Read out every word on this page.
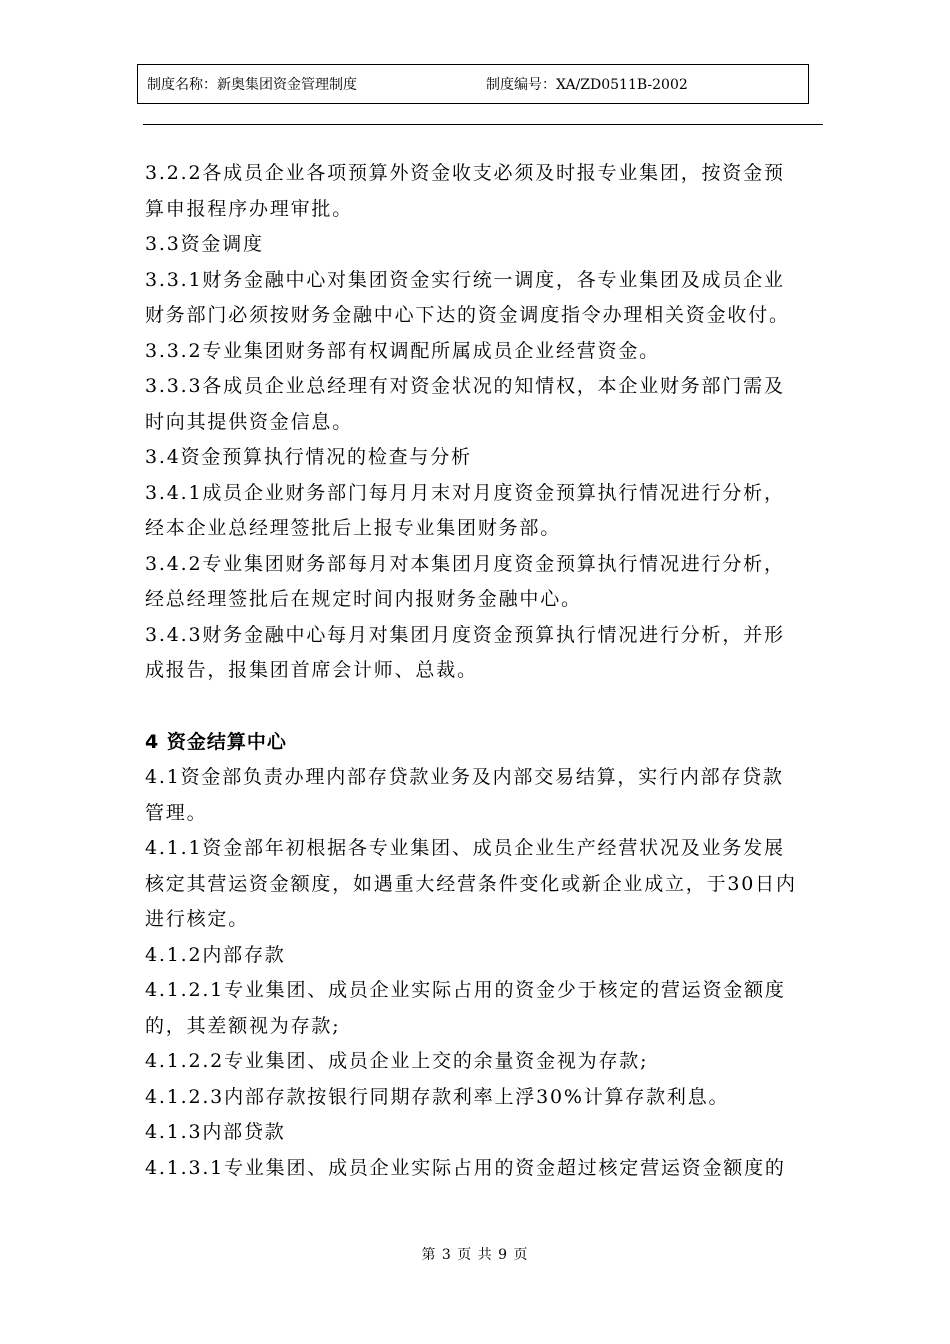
制度名称：新奥集团资金管理制度	制度编号：XA/ZD0511B-2002
3.2.2各成员企业各项预算外资金收支必须及时报专业集团，按资金预
算申报程序办理审批。
3.3资金调度
3.3.1财务金融中心对集团资金实行统一调度，各专业集团及成员企业
财务部门必须按财务金融中心下达的资金调度指令办理相关资金收付。
3.3.2专业集团财务部有权调配所属成员企业经营资金。
3.3.3各成员企业总经理有对资金状况的知情权，本企业财务部门需及
时向其提供资金信息。
3.4资金预算执行情况的检查与分析
3.4.1成员企业财务部门每月月末对月度资金预算执行情况进行分析，
经本企业总经理签批后上报专业集团财务部。
3.4.2专业集团财务部每月对本集团月度资金预算执行情况进行分析，
经总经理签批后在规定时间内报财务金融中心。
3.4.3财务金融中心每月对集团月度资金预算执行情况进行分析，并形
成报告，报集团首席会计师、总裁。
4 资金结算中心
4.1资金部负责办理内部存贷款业务及内部交易结算，实行内部存贷款
管理。
4.1.1资金部年初根据各专业集团、成员企业生产经营状况及业务发展
核定其营运资金额度，如遇重大经营条件变化或新企业成立，于30日内
进行核定。
4.1.2内部存款
4.1.2.1专业集团、成员企业实际占用的资金少于核定的营运资金额度
的，其差额视为存款;
4.1.2.2专业集团、成员企业上交的余量资金视为存款;
4.1.2.3内部存款按银行同期存款利率上浮30%计算存款利息。
4.1.3内部贷款
4.1.3.1专业集团、成员企业实际占用的资金超过核定营运资金额度的
第 3 页 共 9 页
